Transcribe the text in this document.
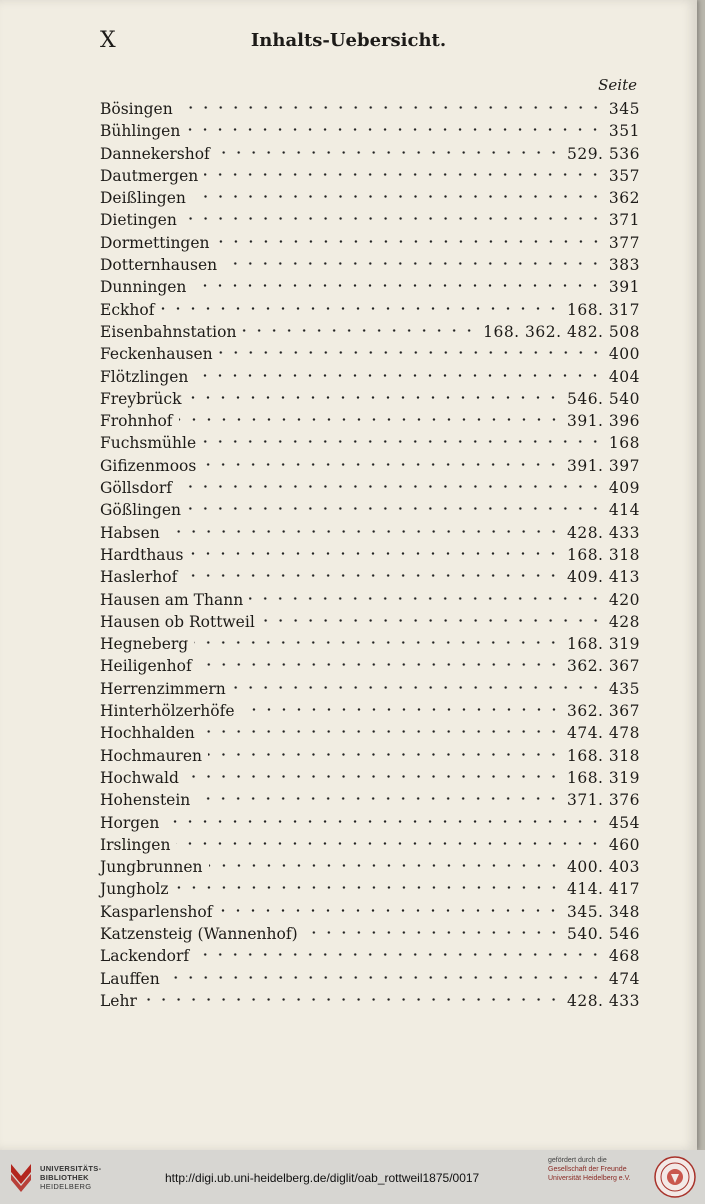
X	Inhalts-Uebersicht.
Seite
Bösingen	345
Bühlingen	351
Dannekershof	529. 536
Dautmergen	357
Deißlingen	362
Dietingen	371
Dormettingen	377
Dotternhausen	383
Dunningen	391
Eckhof	168. 317
Eisenbahnstation	168. 362. 482. 508
Feckenhausen	400
Flötzlingen	404
Freybrück	546. 540
Frohnhof	391. 396
Fuchsmühle	168
Gifizenmoos	391. 397
Göllsdorf	409
Gößlingen	414
Habsen	428. 433
Hardthaus	168. 318
Haslerhof	409. 413
Hausen am Thann	420
Hausen ob Rottweil	428
Hegneberg	168. 319
Heiligenhof	362. 367
Herrenzimmern	435
Hinterhölzerhöfe	362. 367
Hochhalden	474. 478
Hochmauren	168. 318
Hochwald	168. 319
Hohenstein	371. 376
Horgen	454
Irslingen	460
Jungbrunnen	400. 403
Jungholz	414. 417
Kasparlenshof	345. 348
Katzensteig (Wannenhof)	540. 546
Lackendorf	468
Lauffen	474
Lehr	428. 433
UNIVERSITÄTS-
BIBLIOTHEK
HEIDELBERG
http://digi.ub.uni-heidelberg.de/diglit/oab_rottweil1875/0017
gefördert durch die
Gesellschaft der Freunde
Universität Heidelberg e.V.
